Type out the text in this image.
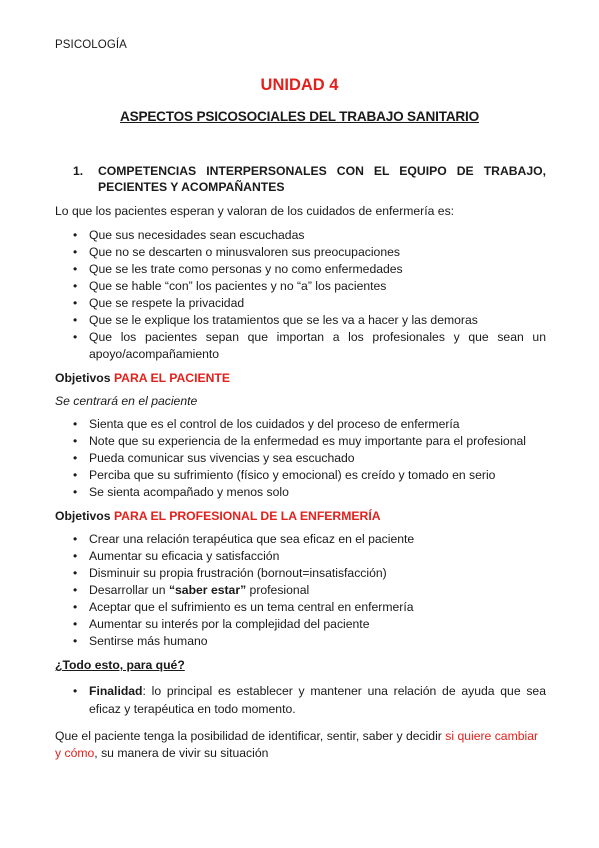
PSICOLOGÍA
UNIDAD 4
ASPECTOS PSICOSOCIALES DEL TRABAJO SANITARIO
1.	COMPETENCIAS INTERPERSONALES CON EL EQUIPO DE TRABAJO, PECIENTES Y ACOMPAÑANTES

Lo que los pacientes esperan y valoran de los cuidados de enfermería es:

• Que sus necesidades sean escuchadas
• Que no se descarten o minusvaloren sus preocupaciones
• Que se les trate como personas y no como enfermedades
• Que se hable “con” los pacientes y no “a” los pacientes
• Que se respete la privacidad
• Que se le explique los tratamientos que se les va a hacer y las demoras
• Que los pacientes sepan que importan a los profesionales y que sean un apoyo/acompañamiento

Objetivos PARA EL PACIENTE

Se centrará en el paciente

• Sienta que es el control de los cuidados y del proceso de enfermería
• Note que su experiencia de la enfermedad es muy importante para el profesional
• Pueda comunicar sus vivencias y sea escuchado
• Perciba que su sufrimiento (físico y emocional) es creído y tomado en serio
• Se sienta acompañado y menos solo

Objetivos PARA EL PROFESIONAL DE LA ENFERMERÍA

• Crear una relación terapéutica que sea eficaz en el paciente
• Aumentar su eficacia y satisfacción
• Disminuir su propia frustración (bornout=insatisfacción)
• Desarrollar un “saber estar” profesional
• Aceptar que el sufrimiento es un tema central en enfermería
• Aumentar su interés por la complejidad del paciente
• Sentirse más humano

¿Todo esto, para qué?

• Finalidad: lo principal es establecer y mantener una relación de ayuda que sea eficaz y terapéutica en todo momento.

Que el paciente tenga la posibilidad de identificar, sentir, saber y decidir si quiere cambiar y cómo, su manera de vivir su situación
